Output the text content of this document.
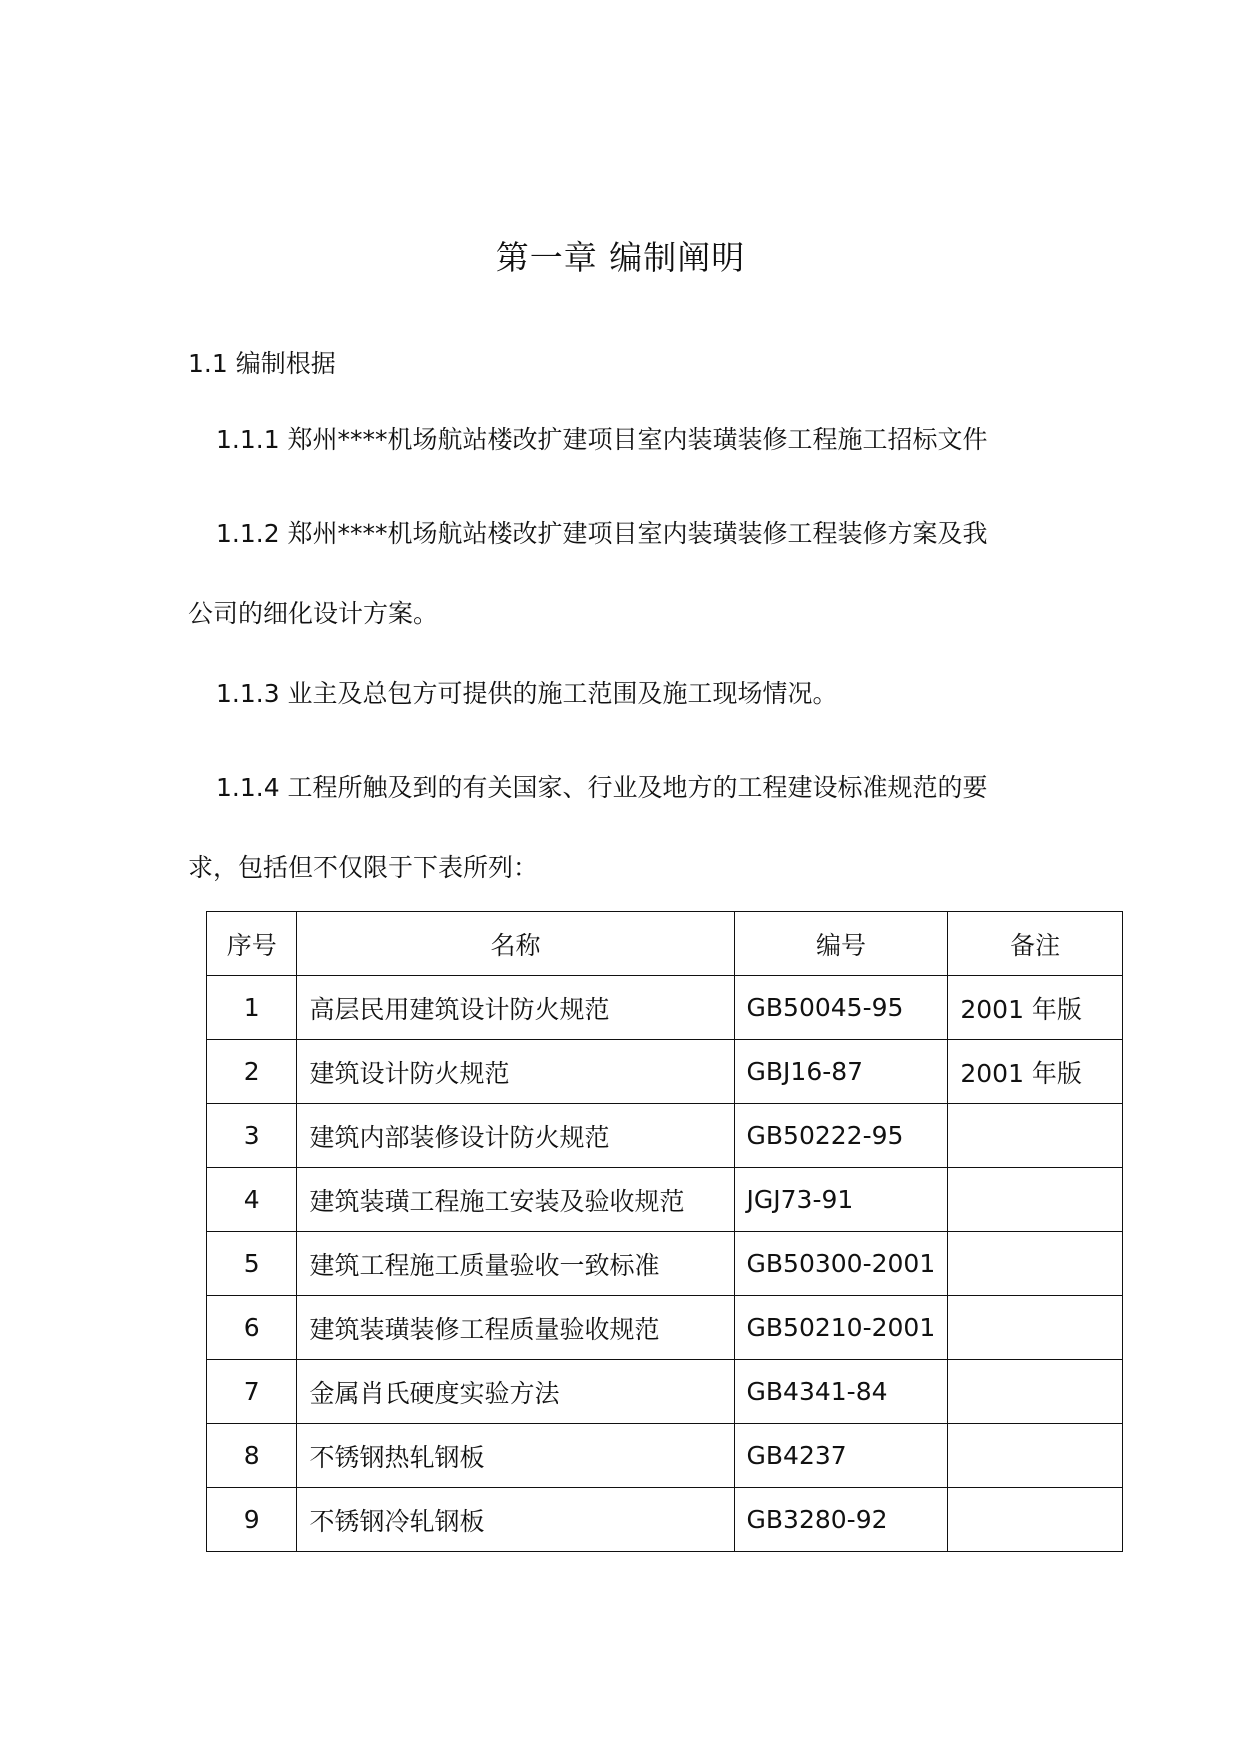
第一章 编制阐明
1.1 编制根据
1.1.1 郑州****机场航站楼改扩建项目室内装璜装修工程施工招标文件
1.1.2 郑州****机场航站楼改扩建项目室内装璜装修工程装修方案及我
公司的细化设计方案。
1.1.3 业主及总包方可提供的施工范围及施工现场情况。
1.1.4 工程所触及到的有关国家、行业及地方的工程建设标准规范的要
求，包括但不仅限于下表所列：
序号	名称	编号	备注
1	高层民用建筑设计防火规范	GB50045-95	2001 年版
2	建筑设计防火规范	GBJ16-87	2001 年版
3	建筑内部装修设计防火规范	GB50222-95	
4	建筑装璜工程施工安装及验收规范	JGJ73-91	
5	建筑工程施工质量验收一致标准	GB50300-2001	
6	建筑装璜装修工程质量验收规范	GB50210-2001	
7	金属肖氏硬度实验方法	GB4341-84	
8	不锈钢热轧钢板	GB4237	
9	不锈钢冷轧钢板	GB3280-92	
